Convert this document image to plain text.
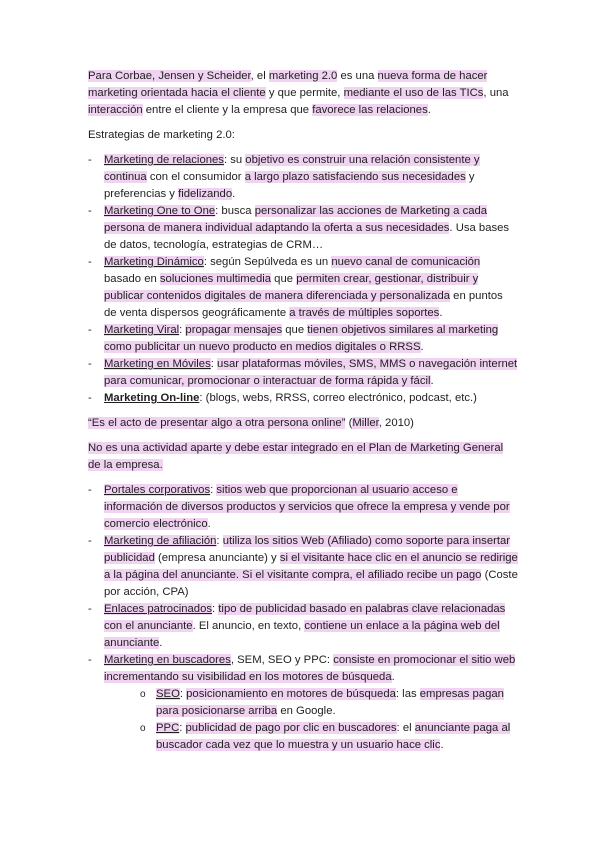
Para Corbae, Jensen y Scheider, el marketing 2.0 es una nueva forma de hacer marketing orientada hacia el cliente y que permite, mediante el uso de las TICs, una interacción entre el cliente y la empresa que favorece las relaciones.

Estrategias de marketing 2.0:

- Marketing de relaciones: su objetivo es construir una relación consistente y continua con el consumidor a largo plazo satisfaciendo sus necesidades y preferencias y fidelizando.
- Marketing One to One: busca personalizar las acciones de Marketing a cada persona de manera individual adaptando la oferta a sus necesidades. Usa bases de datos, tecnología, estrategias de CRM…
- Marketing Dinámico: según Sepúlveda es un nuevo canal de comunicación basado en soluciones multimedia que permiten crear, gestionar, distribuir y publicar contenidos digitales de manera diferenciada y personalizada en puntos de venta dispersos geográficamente a través de múltiples soportes.
- Marketing Viral: propagar mensajes que tienen objetivos similares al marketing como publicitar un nuevo producto en medios digitales o RRSS.
- Marketing en Móviles: usar plataformas móviles, SMS, MMS o navegación internet para comunicar, promocionar o interactuar de forma rápida y fácil.
- Marketing On-line: (blogs, webs, RRSS, correo electrónico, podcast, etc.)

“Es el acto de presentar algo a otra persona online” (Miller, 2010)

No es una actividad aparte y debe estar integrado en el Plan de Marketing General de la empresa.

- Portales corporativos: sitios web que proporcionan al usuario acceso e información de diversos productos y servicios que ofrece la empresa y vende por comercio electrónico.
- Marketing de afiliación: utiliza los sitios Web (Afiliado) como soporte para insertar publicidad (empresa anunciante) y si el visitante hace clic en el anuncio se redirige a la página del anunciante. Si el visitante compra, el afiliado recibe un pago (Coste por acción, CPA)
- Enlaces patrocinados: tipo de publicidad basado en palabras clave relacionadas con el anunciante. El anuncio, en texto, contiene un enlace a la página web del anunciante.
- Marketing en buscadores, SEM, SEO y PPC: consiste en promocionar el sitio web incrementando su visibilidad en los motores de búsqueda.
o SEO: posicionamiento en motores de búsqueda: las empresas pagan para posicionarse arriba en Google.
o PPC: publicidad de pago por clic en buscadores: el anunciante paga al buscador cada vez que lo muestra y un usuario hace clic.
